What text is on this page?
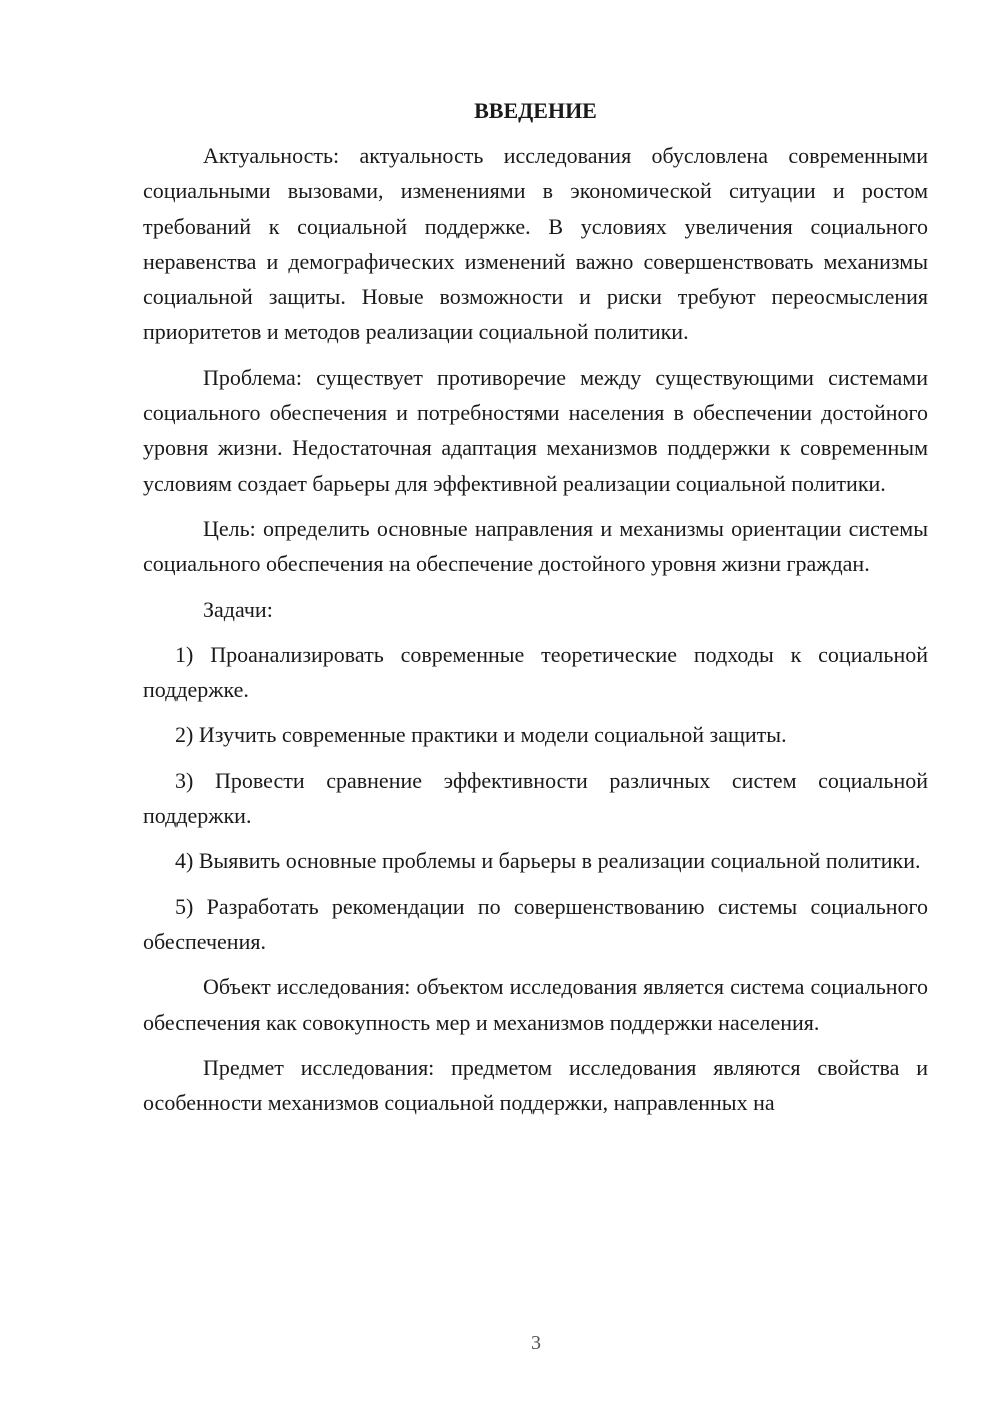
ВВЕДЕНИЕ

Актуальность: актуальность исследования обусловлена современными социальными вызовами, изменениями в экономической ситуации и ростом требований к социальной поддержке. В условиях увеличения социального неравенства и демографических изменений важно совершенствовать механизмы социальной защиты. Новые возможности и риски требуют переосмысления приоритетов и методов реализации социальной политики.

Проблема: существует противоречие между существующими системами социального обеспечения и потребностями населения в обеспечении достойного уровня жизни. Недостаточная адаптация механизмов поддержки к современным условиям создает барьеры для эффективной реализации социальной политики.

Цель: определить основные направления и механизмы ориентации системы социального обеспечения на обеспечение достойного уровня жизни граждан.

Задачи:

1) Проанализировать современные теоретические подходы к социальной поддержке.

2) Изучить современные практики и модели социальной защиты.

3) Провести сравнение эффективности различных систем социальной поддержки.

4) Выявить основные проблемы и барьеры в реализации социальной политики.

5) Разработать рекомендации по совершенствованию системы социального обеспечения.

Объект исследования: объектом исследования является система социального обеспечения как совокупность мер и механизмов поддержки населения.

Предмет исследования: предметом исследования являются свойства и особенности механизмов социальной поддержки, направленных на

3
